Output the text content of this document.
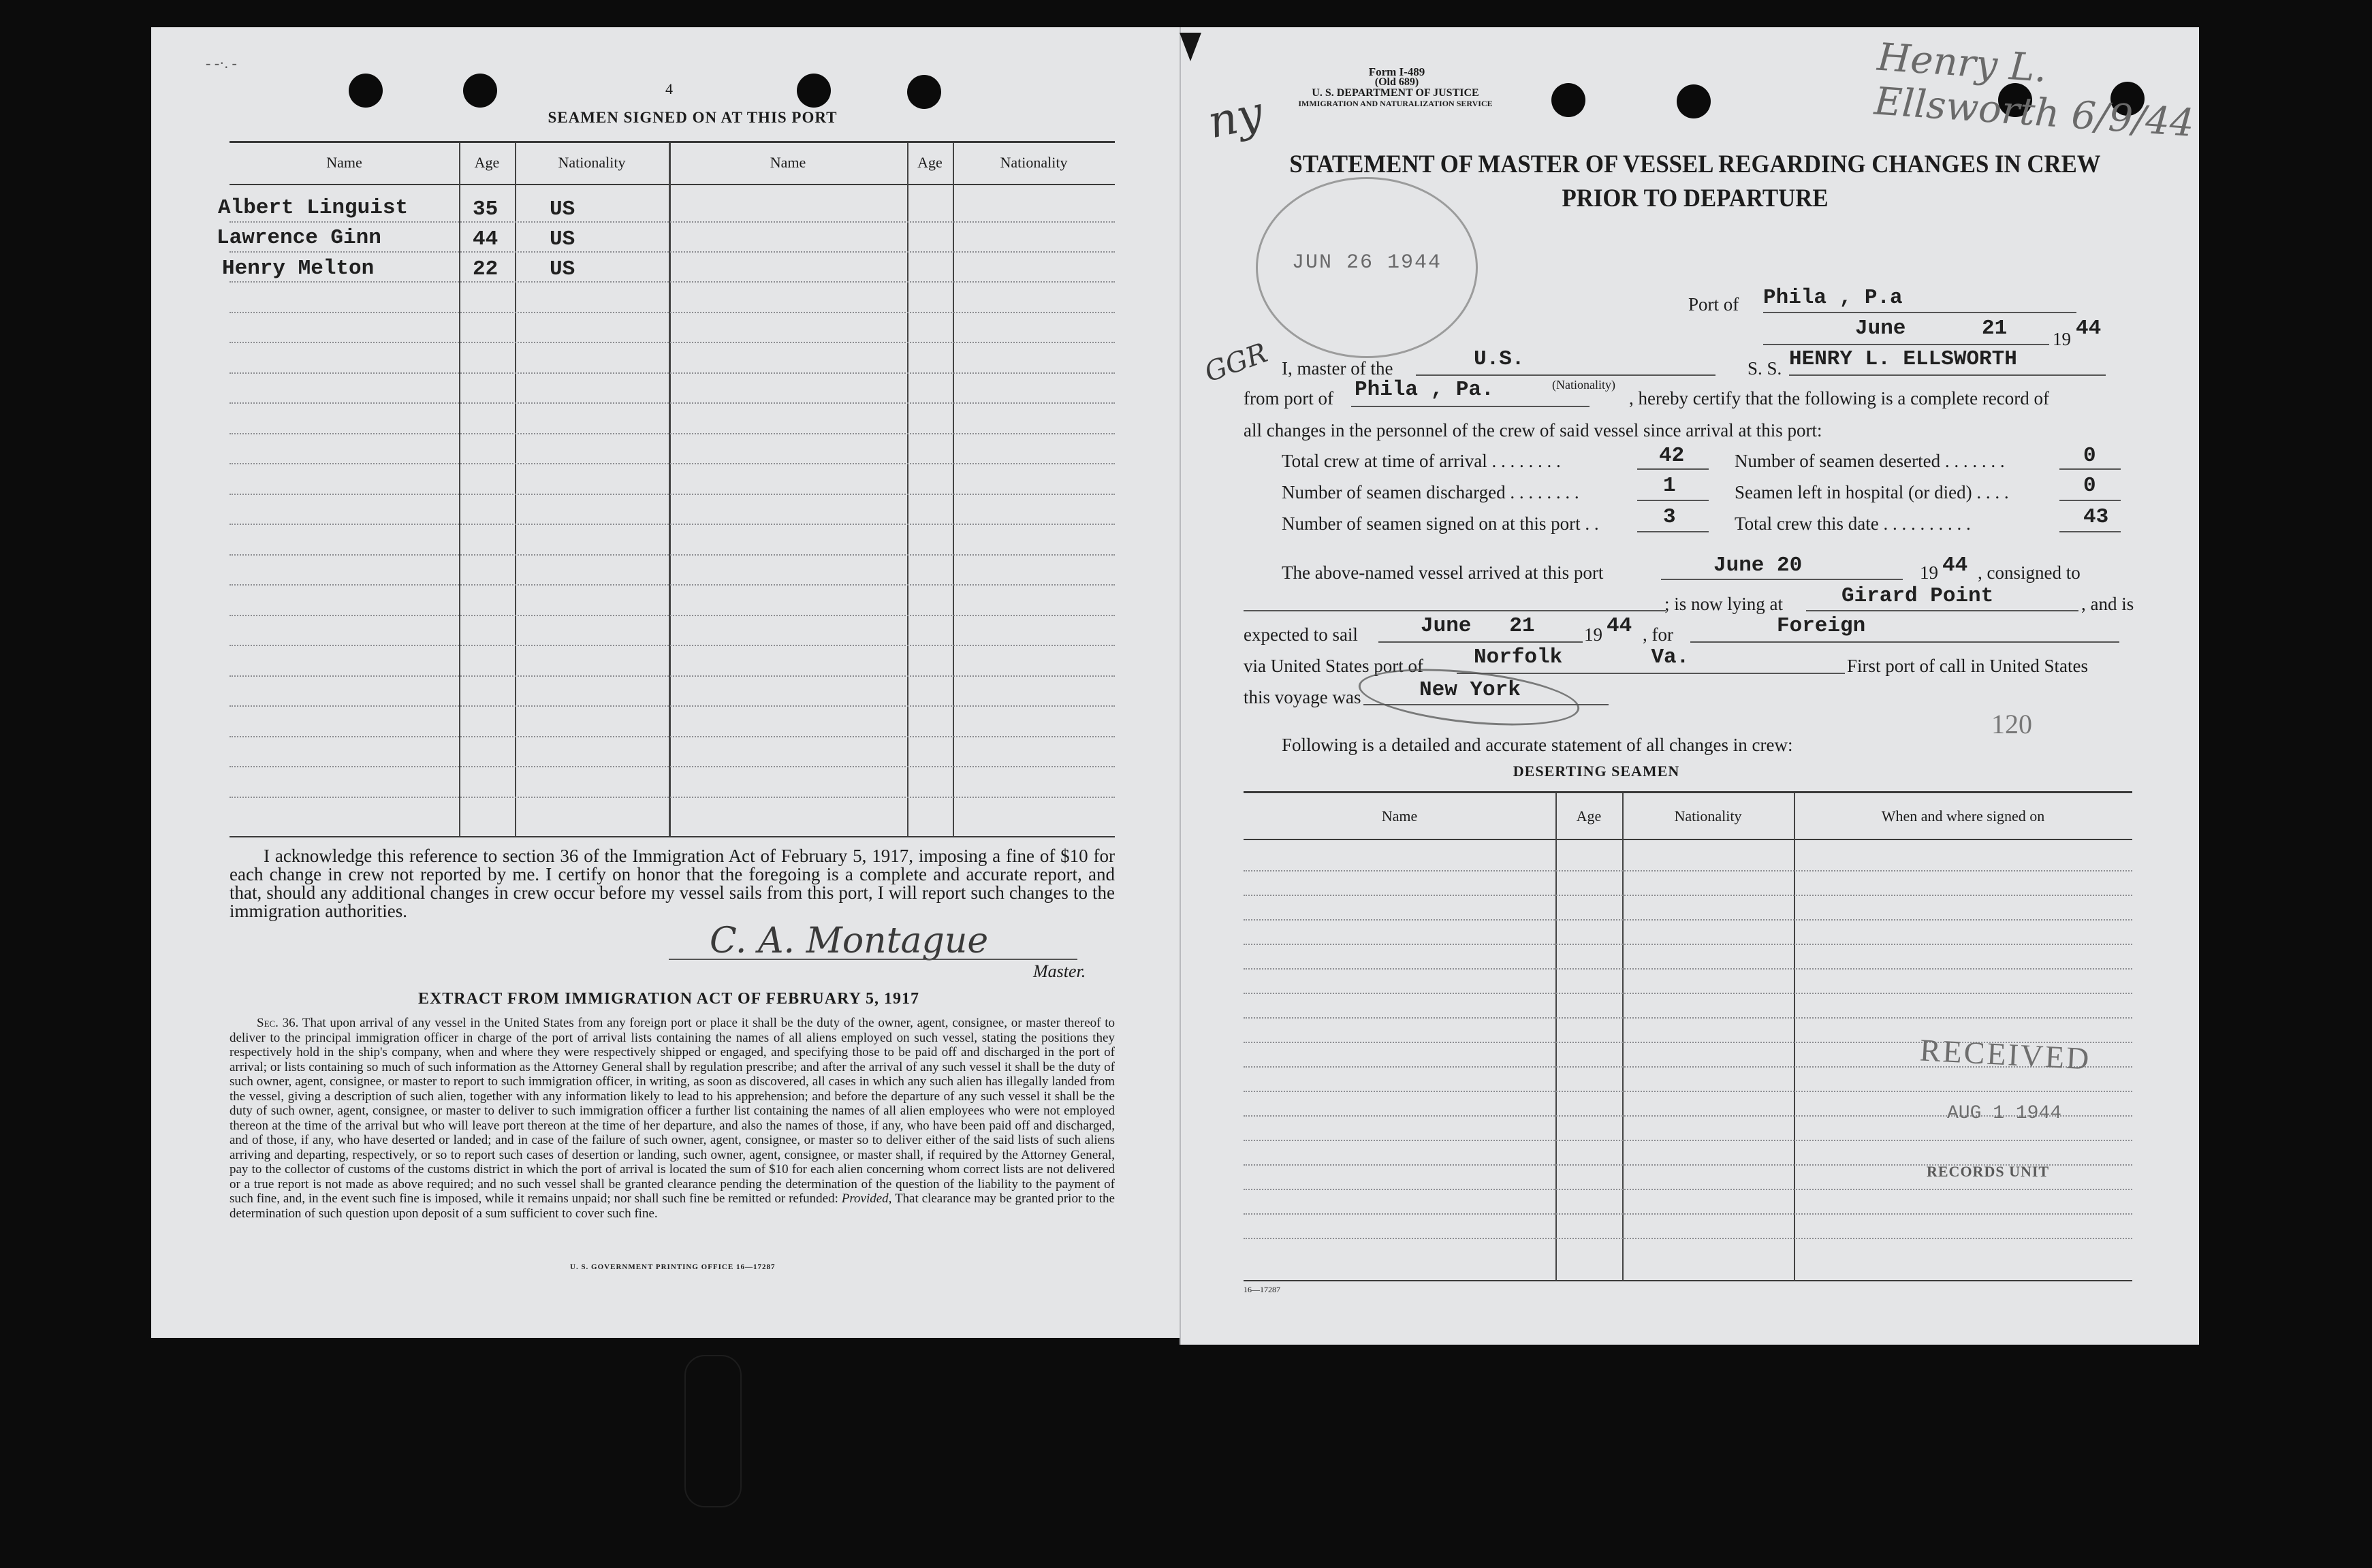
- -·. -
4
SEAMEN SIGNED ON AT THIS PORT
Name	Age	Nationality	Name	Age	Nationality
Albert Linguist	35 US
Lawrence Ginn	44 US
Henry Melton	22 US
I acknowledge this reference to section 36 of the Immigration Act of February 5, 1917, imposing a fine of $10 for each change in crew not reported by me. I certify on honor that the foregoing is a complete and accurate report, and that, should any additional changes in crew occur before my vessel sails from this port, I will report such changes to the immigration authorities.
C. A. Montague
Master.
EXTRACT FROM IMMIGRATION ACT OF FEBRUARY 5, 1917
Sec. 36. That upon arrival of any vessel in the United States from any foreign port or place it shall be the duty of the owner, agent, consignee, or master thereof to deliver to the principal immigration officer in charge of the port of arrival lists containing the names of all aliens employed on such vessel, stating the positions they respectively hold in the ship's company, when and where they were respectively shipped or engaged, and specifying those to be paid off and discharged in the port of arrival; or lists containing so much of such information as the Attorney General shall by regulation prescribe; and after the arrival of any such vessel it shall be the duty of such owner, agent, consignee, or master to report to such immigration officer, in writing, as soon as discovered, all cases in which any such alien has illegally landed from the vessel, giving a description of such alien, together with any information likely to lead to his apprehension; and before the departure of any such vessel it shall be the duty of such owner, agent, consignee, or master to deliver to such immigration officer a further list containing the names of all alien employees who were not employed thereon at the time of the arrival but who will leave port thereon at the time of her departure, and also the names of those, if any, who have been paid off and discharged, and of those, if any, who have deserted or landed; and in case of the failure of such owner, agent, consignee, or master so to deliver either of the said lists of such aliens arriving and departing, respectively, or so to report such cases of desertion or landing, such owner, agent, consignee, or master shall, if required by the Attorney General, pay to the collector of customs of the customs district in which the port of arrival is located the sum of $10 for each alien concerning whom correct lists are not delivered or a true report is not made as above required; and no such vessel shall be granted clearance pending the determination of the question of the liability to the payment of such fine, and, in the event such fine is imposed, while it remains unpaid; nor shall such fine be remitted or refunded: Provided, That clearance may be granted prior to the determination of such question upon deposit of a sum sufficient to cover such fine.
U. S. GOVERNMENT PRINTING OFFICE 16—17287
Form I-489
(Old 689)
U. S. DEPARTMENT OF JUSTICE
IMMIGRATION AND NATURALIZATION SERVICE
ny
Henry L. Ellsworth 6/9/44
STATEMENT OF MASTER OF VESSEL REGARDING CHANGES IN CREW
PRIOR TO DEPARTURE
JUN 26 1944
Port of Phila , P.a
June      21 19 44
GGR I, master of the	U.S.	S. S. HENRY L. ELLSWORTH
(Nationality)
from port of Phila , Pa.	, hereby certify that the following is a complete record of
all changes in the personnel of the crew of said vessel since arrival at this port:
Total crew at time of arrival . . . . . . . .	42	Number of seamen deserted . . . . . . .	0
Number of seamen discharged . . . . . . . .	1	Seamen left in hospital (or died) . . . .	0
Number of seamen signed on at this port . .	3	Total crew this date . . . . . . . . . .	43
The above-named vessel arrived at this port	June 20	19 44 , consigned to
; is now lying at	Girard Point	, and is
expected to sail	June   21	19 44 , for	Foreign
via United States port of Norfolk       Va.	First port of call in United States
this voyage was	New York
120
Following is a detailed and accurate statement of all changes in crew:
DESERTING SEAMEN
Name	Age	Nationality	When and where signed on
RECEIVED
AUG 1 1944
RECORDS UNIT
16—17287
